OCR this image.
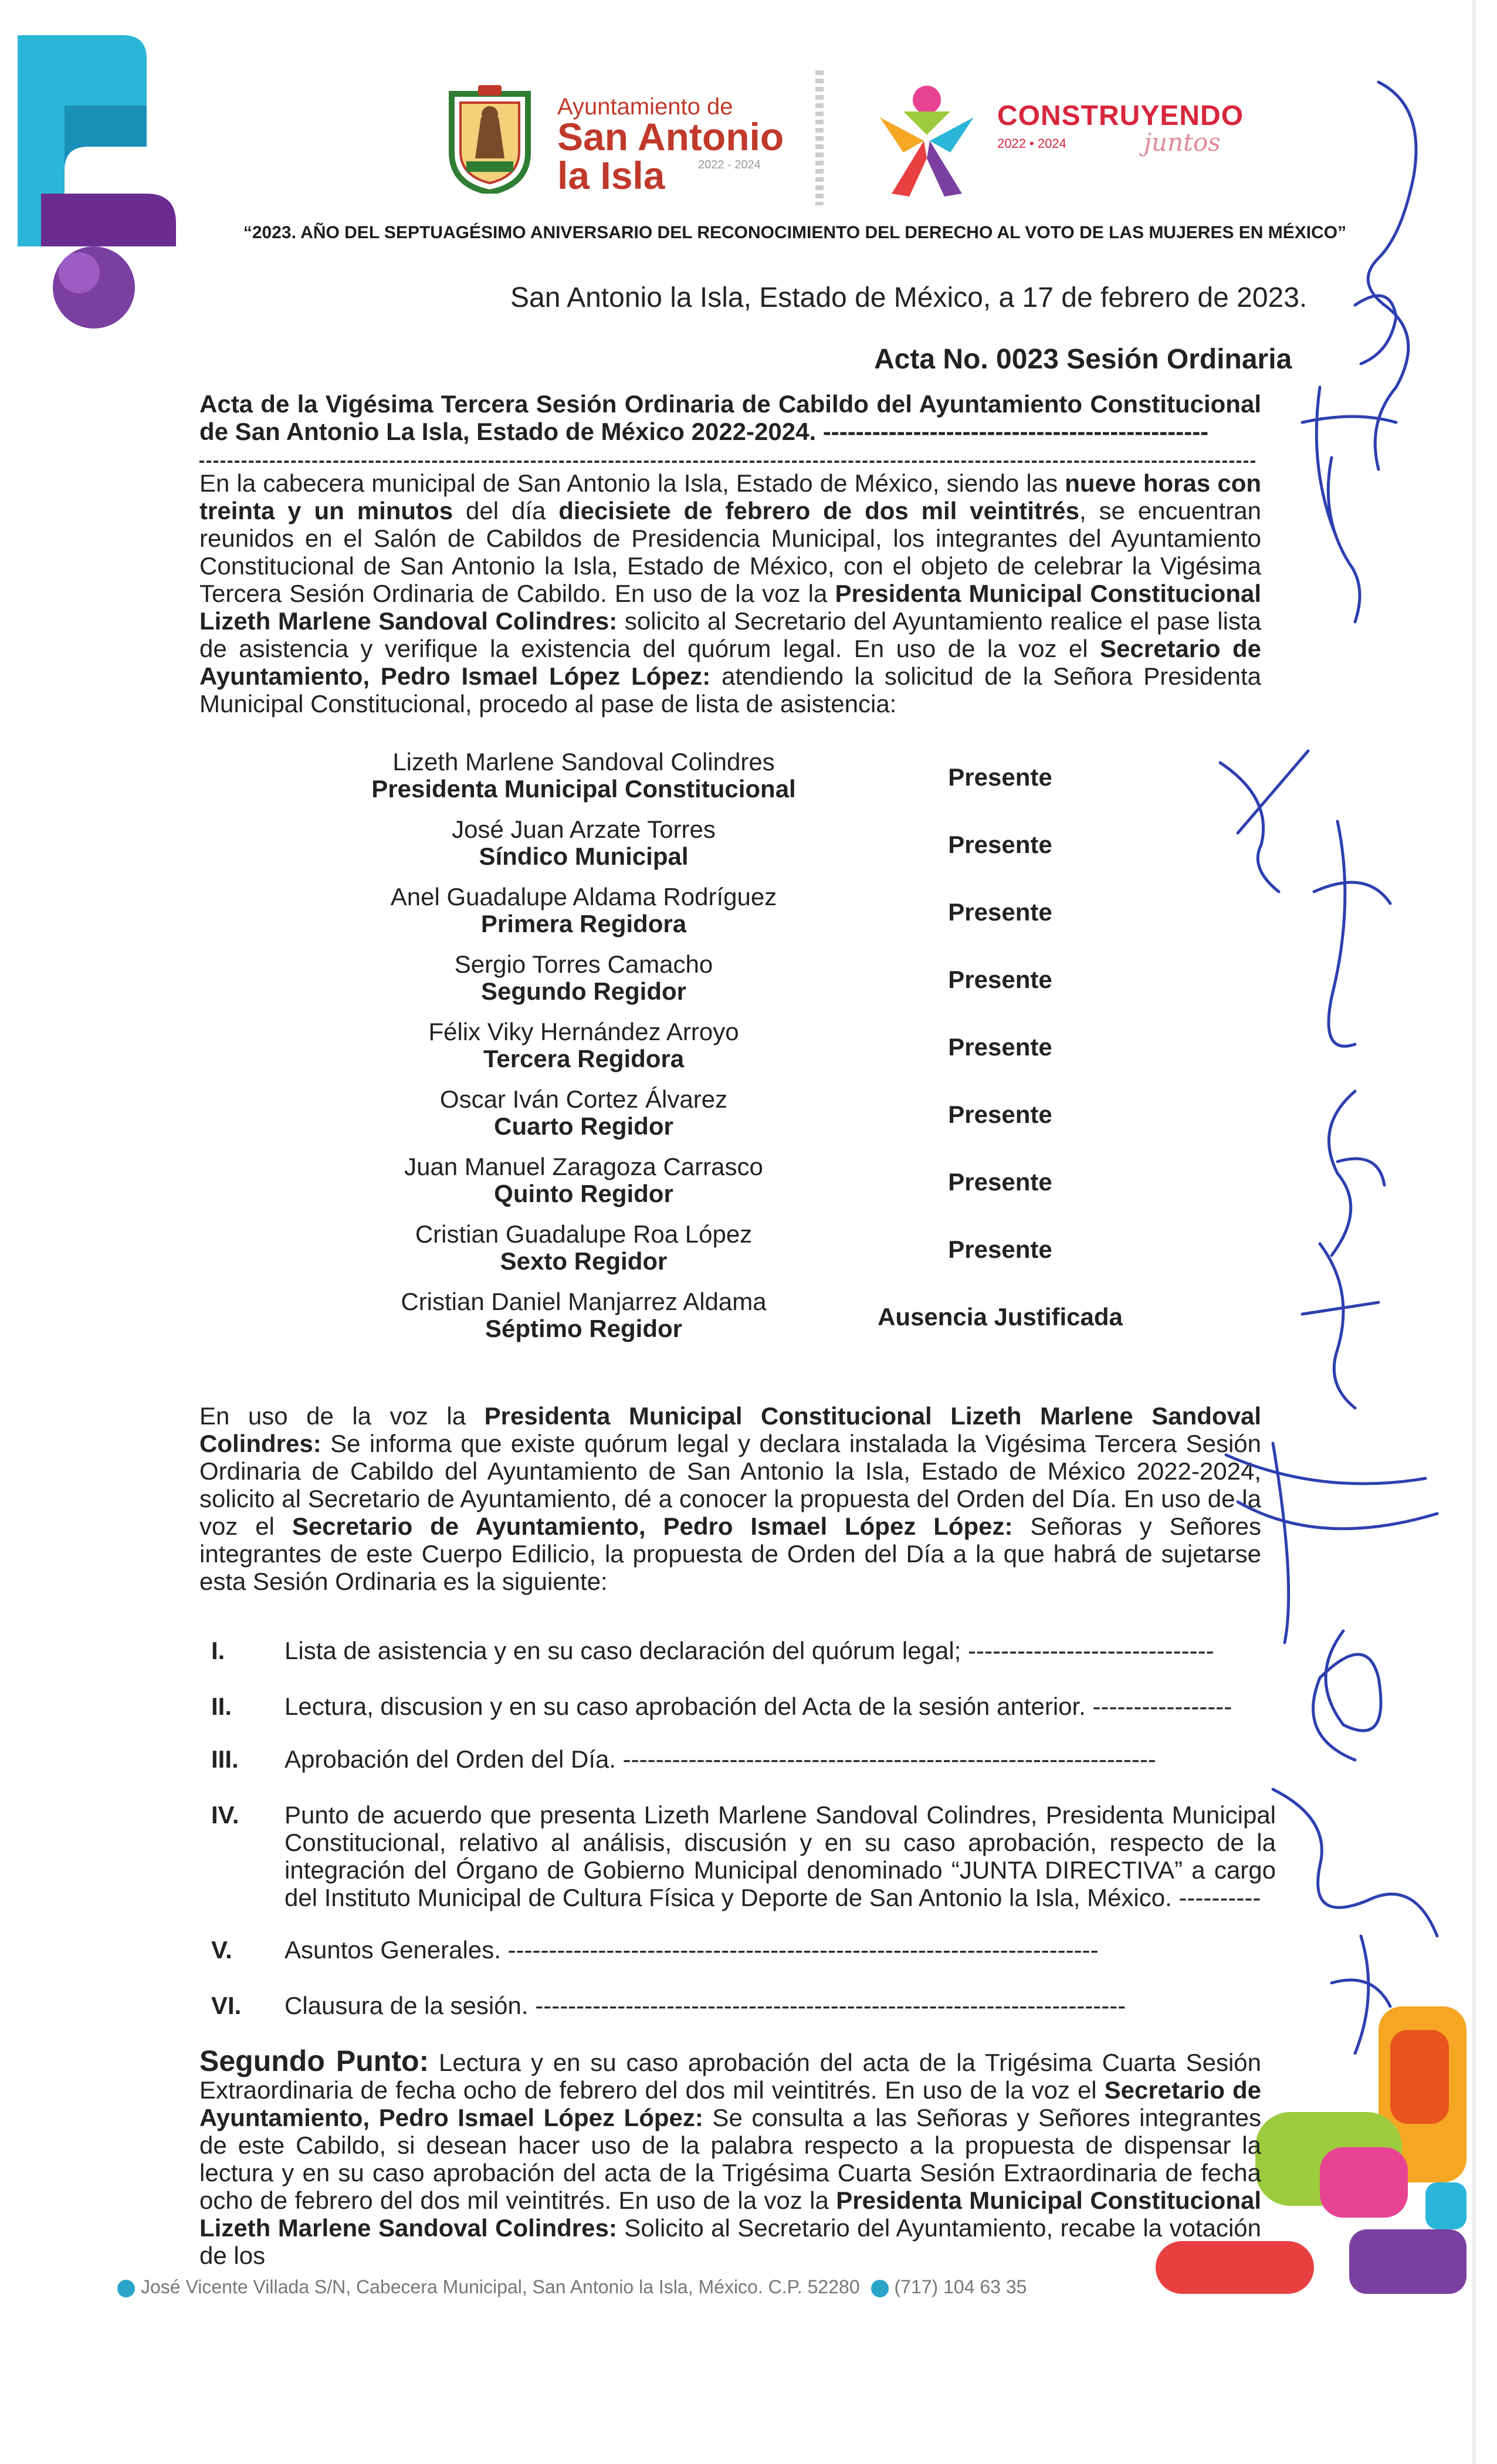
Ayuntamiento de
San Antonio
la Isla	2022 - 2024
CONSTRUYENDO
2022 • 2024	juntos
“2023. AÑO DEL SEPTUAGÉSIMO ANIVERSARIO DEL RECONOCIMIENTO DEL DERECHO AL VOTO DE LAS MUJERES EN MÉXICO”
San Antonio la Isla, Estado de México, a 17 de febrero de 2023.
Acta No. 0023 Sesión Ordinaria
Acta de la Vigésima Tercera Sesión Ordinaria de Cabildo del Ayuntamiento Constitucional de San Antonio La Isla, Estado de México 2022-2024. -----------------------------------------------
En la cabecera municipal de San Antonio la Isla, Estado de México, siendo las nueve horas con treinta y un minutos del día diecisiete de febrero de dos mil veintitrés, se encuentran reunidos en el Salón de Cabildos de Presidencia Municipal, los integrantes del Ayuntamiento Constitucional de San Antonio la Isla, Estado de México, con el objeto de celebrar la Vigésima Tercera Sesión Ordinaria de Cabildo. En uso de la voz la Presidenta Municipal Constitucional Lizeth Marlene Sandoval Colindres: solicito al Secretario del Ayuntamiento realice el pase lista de asistencia y verifique la existencia del quórum legal. En uso de la voz el Secretario de Ayuntamiento, Pedro Ismael López López: atendiendo la solicitud de la Señora Presidenta Municipal Constitucional, procedo al pase de lista de asistencia:
Lizeth Marlene Sandoval Colindres
Presidenta Municipal Constitucional	Presente
José Juan Arzate Torres
Síndico Municipal	Presente
Anel Guadalupe Aldama Rodríguez
Primera Regidora	Presente
Sergio Torres Camacho
Segundo Regidor	Presente
Félix Viky Hernández Arroyo
Tercera Regidora	Presente
Oscar Iván Cortez Álvarez
Cuarto Regidor	Presente
Juan Manuel Zaragoza Carrasco
Quinto Regidor	Presente
Cristian Guadalupe Roa López
Sexto Regidor	Presente
Cristian Daniel Manjarrez Aldama
Séptimo Regidor	Ausencia Justificada
En uso de la voz la Presidenta Municipal Constitucional Lizeth Marlene Sandoval Colindres: Se informa que existe quórum legal y declara instalada la Vigésima Tercera Sesión Ordinaria de Cabildo del Ayuntamiento de San Antonio la Isla, Estado de México 2022-2024, solicito al Secretario de Ayuntamiento, dé a conocer la propuesta del Orden del Día. En uso de la voz el Secretario de Ayuntamiento, Pedro Ismael López López: Señoras y Señores integrantes de este Cuerpo Edilicio, la propuesta de Orden del Día a la que habrá de sujetarse esta Sesión Ordinaria es la siguiente:
I.	Lista de asistencia y en su caso declaración del quórum legal; ------------------------------
II.	Lectura, discusion y en su caso aprobación del Acta de la sesión anterior. -----------------
III.	Aprobación del Orden del Día. -----------------------------------------------------------------
IV.	Punto de acuerdo que presenta Lizeth Marlene Sandoval Colindres, Presidenta Municipal Constitucional, relativo al análisis, discusión y en su caso aprobación, respecto de la integración del Órgano de Gobierno Municipal denominado “JUNTA DIRECTIVA” a cargo del Instituto Municipal de Cultura Física y Deporte de San Antonio la Isla, México. ----------
V.	Asuntos Generales. ------------------------------------------------------------------------
VI.	Clausura de la sesión. ------------------------------------------------------------------------
Segundo Punto: Lectura y en su caso aprobación del acta de la Trigésima Cuarta Sesión Extraordinaria de fecha ocho de febrero del dos mil veintitrés. En uso de la voz el Secretario de Ayuntamiento, Pedro Ismael López López: Se consulta a las Señoras y Señores integrantes de este Cabildo, si desean hacer uso de la palabra respecto a la propuesta de dispensar la lectura y en su caso aprobación del acta de la Trigésima Cuarta Sesión Extraordinaria de fecha ocho de febrero del dos mil veintitrés. En uso de la voz la Presidenta Municipal Constitucional Lizeth Marlene Sandoval Colindres: Solicito al Secretario del Ayuntamiento, recabe la votación de los
José Vicente Villada S/N, Cabecera Municipal, San Antonio la Isla, México. C.P. 52280 (717) 104 63 35
